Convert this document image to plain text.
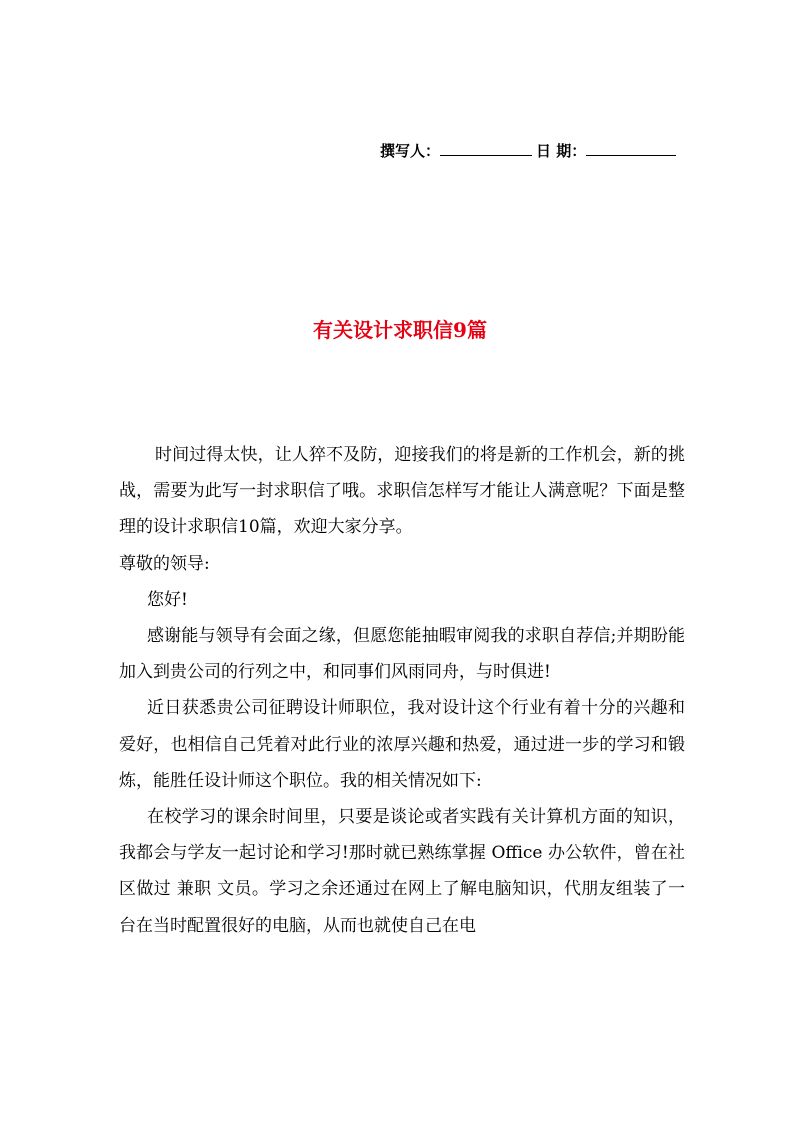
撰写人：	日 期：
有关设计求职信9篇

时间过得太快，让人猝不及防，迎接我们的将是新的工作机会，新的挑战，需要为此写一封求职信了哦。求职信怎样写才能让人满意呢？下面是整理的设计求职信10篇，欢迎大家分享。

尊敬的领导:

您好!

感谢能与领导有会面之缘，但愿您能抽暇审阅我的求职自荐信;并期盼能加入到贵公司的行列之中，和同事们风雨同舟，与时俱进!

近日获悉贵公司征聘设计师职位，我对设计这个行业有着十分的兴趣和爱好，也相信自己凭着对此行业的浓厚兴趣和热爱，通过进一步的学习和锻炼，能胜任设计师这个职位。我的相关情况如下:

在校学习的课余时间里，只要是谈论或者实践有关计算机方面的知识，我都会与学友一起讨论和学习!那时就已熟练掌握 Office 办公软件，曾在社区做过 兼职 文员。学习之余还通过在网上了解电脑知识，代朋友组装了一台在当时配置很好的电脑，从而也就使自己在电
